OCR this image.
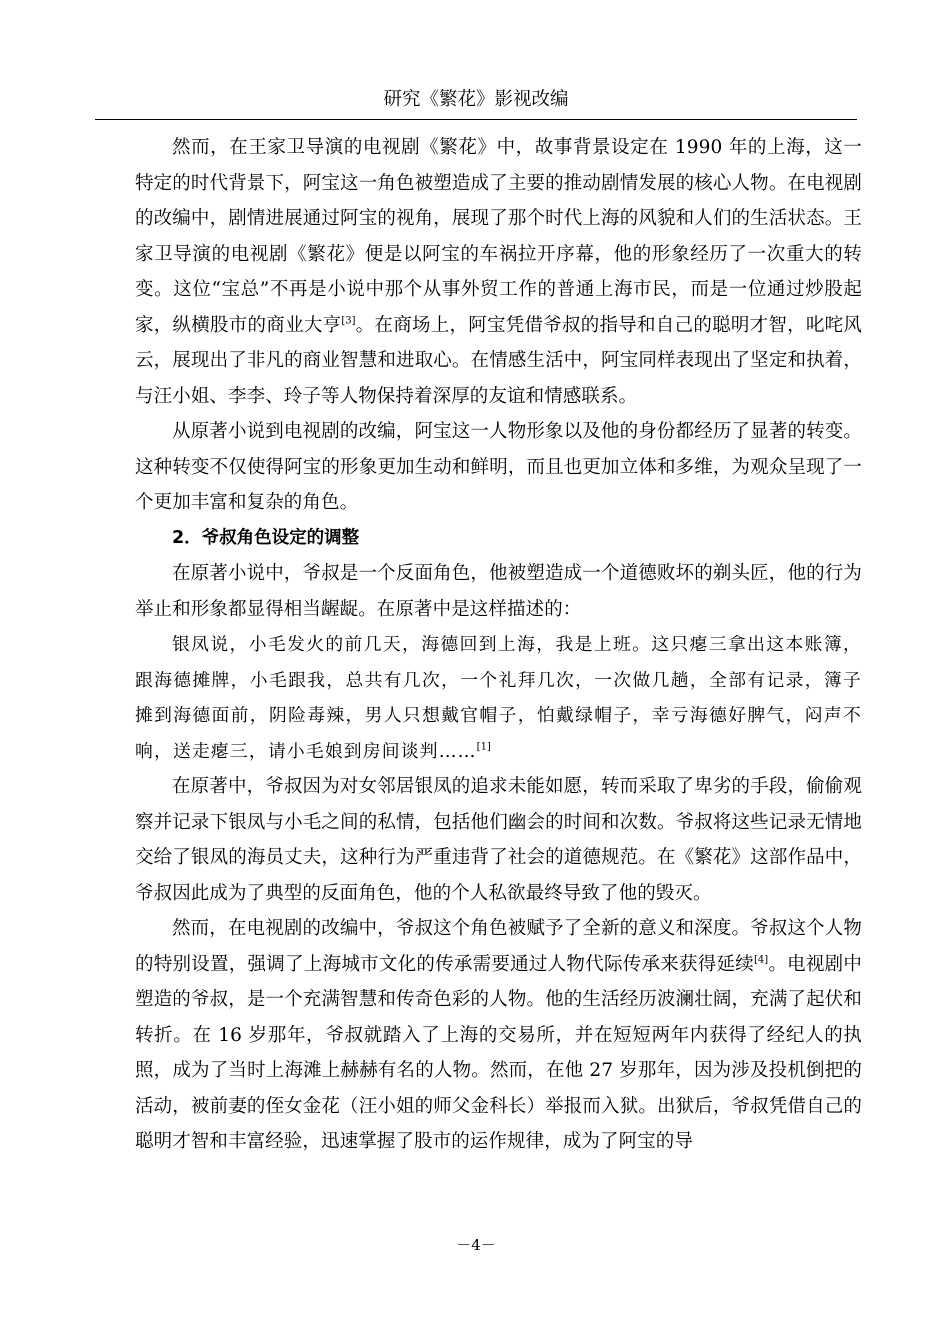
研究《繁花》影视改编

然而，在王家卫导演的电视剧《繁花》中，故事背景设定在 1990 年的上海，这一特定的时代背景下，阿宝这一角色被塑造成了主要的推动剧情发展的核心人物。在电视剧的改编中，剧情进展通过阿宝的视角，展现了那个时代上海的风貌和人们的生活状态。王家卫导演的电视剧《繁花》便是以阿宝的车祸拉开序幕，他的形象经历了一次重大的转变。这位“宝总”不再是小说中那个从事外贸工作的普通上海市民，而是一位通过炒股起家，纵横股市的商业大亨[3]。在商场上，阿宝凭借爷叔的指导和自己的聪明才智，叱咤风云，展现出了非凡的商业智慧和进取心。在情感生活中，阿宝同样表现出了坚定和执着，与汪小姐、李李、玲子等人物保持着深厚的友谊和情感联系。

从原著小说到电视剧的改编，阿宝这一人物形象以及他的身份都经历了显著的转变。这种转变不仅使得阿宝的形象更加生动和鲜明，而且也更加立体和多维，为观众呈现了一个更加丰富和复杂的角色。

2．爷叔角色设定的调整

在原著小说中，爷叔是一个反面角色，他被塑造成一个道德败坏的剃头匠，他的行为举止和形象都显得相当龌龊。在原著中是这样描述的：

银凤说，小毛发火的前几天，海德回到上海，我是上班。这只瘪三拿出这本账簿，跟海德摊牌，小毛跟我，总共有几次，一个礼拜几次，一次做几趟，全部有记录，簿子摊到海德面前，阴险毒辣，男人只想戴官帽子，怕戴绿帽子，幸亏海德好脾气，闷声不响，送走瘪三，请小毛娘到房间谈判……[1]

在原著中，爷叔因为对女邻居银凤的追求未能如愿，转而采取了卑劣的手段，偷偷观察并记录下银凤与小毛之间的私情，包括他们幽会的时间和次数。爷叔将这些记录无情地交给了银凤的海员丈夫，这种行为严重违背了社会的道德规范。在《繁花》这部作品中，爷叔因此成为了典型的反面角色，他的个人私欲最终导致了他的毁灭。

然而，在电视剧的改编中，爷叔这个角色被赋予了全新的意义和深度。爷叔这个人物的特别设置，强调了上海城市文化的传承需要通过人物代际传承来获得延续[4]。电视剧中塑造的爷叔，是一个充满智慧和传奇色彩的人物。他的生活经历波澜壮阔，充满了起伏和转折。在 16 岁那年，爷叔就踏入了上海的交易所，并在短短两年内获得了经纪人的执照，成为了当时上海滩上赫赫有名的人物。然而，在他 27 岁那年，因为涉及投机倒把的活动，被前妻的侄女金花（汪小姐的师父金科长）举报而入狱。出狱后，爷叔凭借自己的聪明才智和丰富经验，迅速掌握了股市的运作规律，成为了阿宝的导

－4－
